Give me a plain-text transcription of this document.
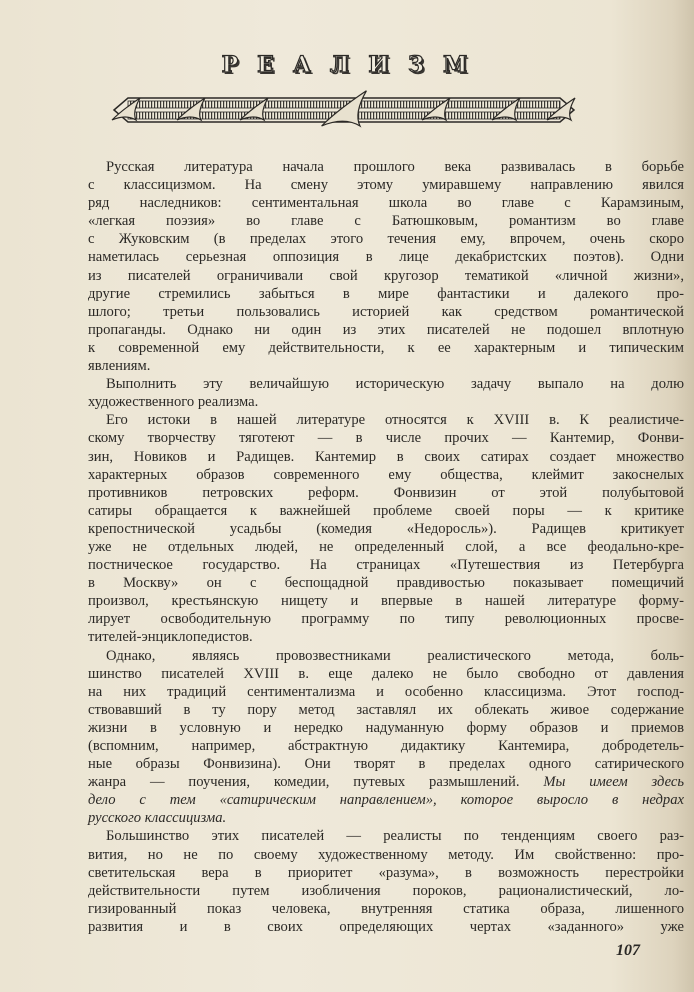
РЕАЛИЗМ
Русская литература начала прошлого века развивалась в борьбе
с классицизмом. На смену этому умиравшему направлению явился
ряд наследников: сентиментальная школа во главе с Карамзиным,
«легкая поэзия» во главе с Батюшковым, романтизм во главе
с Жуковским (в пределах этого течения ему, впрочем, очень скоро
наметилась серьезная оппозиция в лице декабристских поэтов). Одни
из писателей ограничивали свой кругозор тематикой «личной жизни»,
другие стремились забыться в мире фантастики и далекого про-
шлого; третьи пользовались историей как средством романтической
пропаганды. Однако ни один из этих писателей не подошел вплотную
к современной ему действительности, к ее характерным и типическим
явлениям.
Выполнить эту величайшую историческую задачу выпало на долю
художественного реализма.
Его истоки в нашей литературе относятся к XVIII в. К реалистиче-
скому творчеству тяготеют — в числе прочих — Кантемир, Фонви-
зин, Новиков и Радищев. Кантемир в своих сатирах создает множество
характерных образов современного ему общества, клеймит закоснелых
противников петровских реформ. Фонвизин от этой полубытовой
сатиры обращается к важнейшей проблеме своей поры — к критике
крепостнической усадьбы (комедия «Недоросль»). Радищев критикует
уже не отдельных людей, не определенный слой, а все феодально-кре-
постническое государство. На страницах «Путешествия из Петербурга
в Москву» он с беспощадной правдивостью показывает помещичий
произвол, крестьянскую нищету и впервые в нашей литературе форму-
лирует освободительную программу по типу революционных просве-
тителей-энциклопедистов.
Однако, являясь провозвестниками реалистического метода, боль-
шинство писателей XVIII в. еще далеко не было свободно от давления
на них традиций сентиментализма и особенно классицизма. Этот господ-
ствовавший в ту пору метод заставлял их облекать живое содержание
жизни в условную и нередко надуманную форму образов и приемов
(вспомним, например, абстрактную дидактику Кантемира, добродетель-
ные образы Фонвизина). Они творят в пределах одного сатирического
жанра — поучения, комедии, путевых размышлений. Мы имеем здесь
дело с тем «сатирическим направлением», которое выросло в недрах
русского классицизма.
Большинство этих писателей — реалисты по тенденциям своего раз-
вития, но не по своему художественному методу. Им свойственно: про-
светительская вера в приоритет «разума», в возможность перестройки
действительности путем изобличения пороков, рационалистический, ло-
гизированный показ человека, внутренняя статика образа, лишенного
развития и в своих определяющих чертах «заданного» уже
107
